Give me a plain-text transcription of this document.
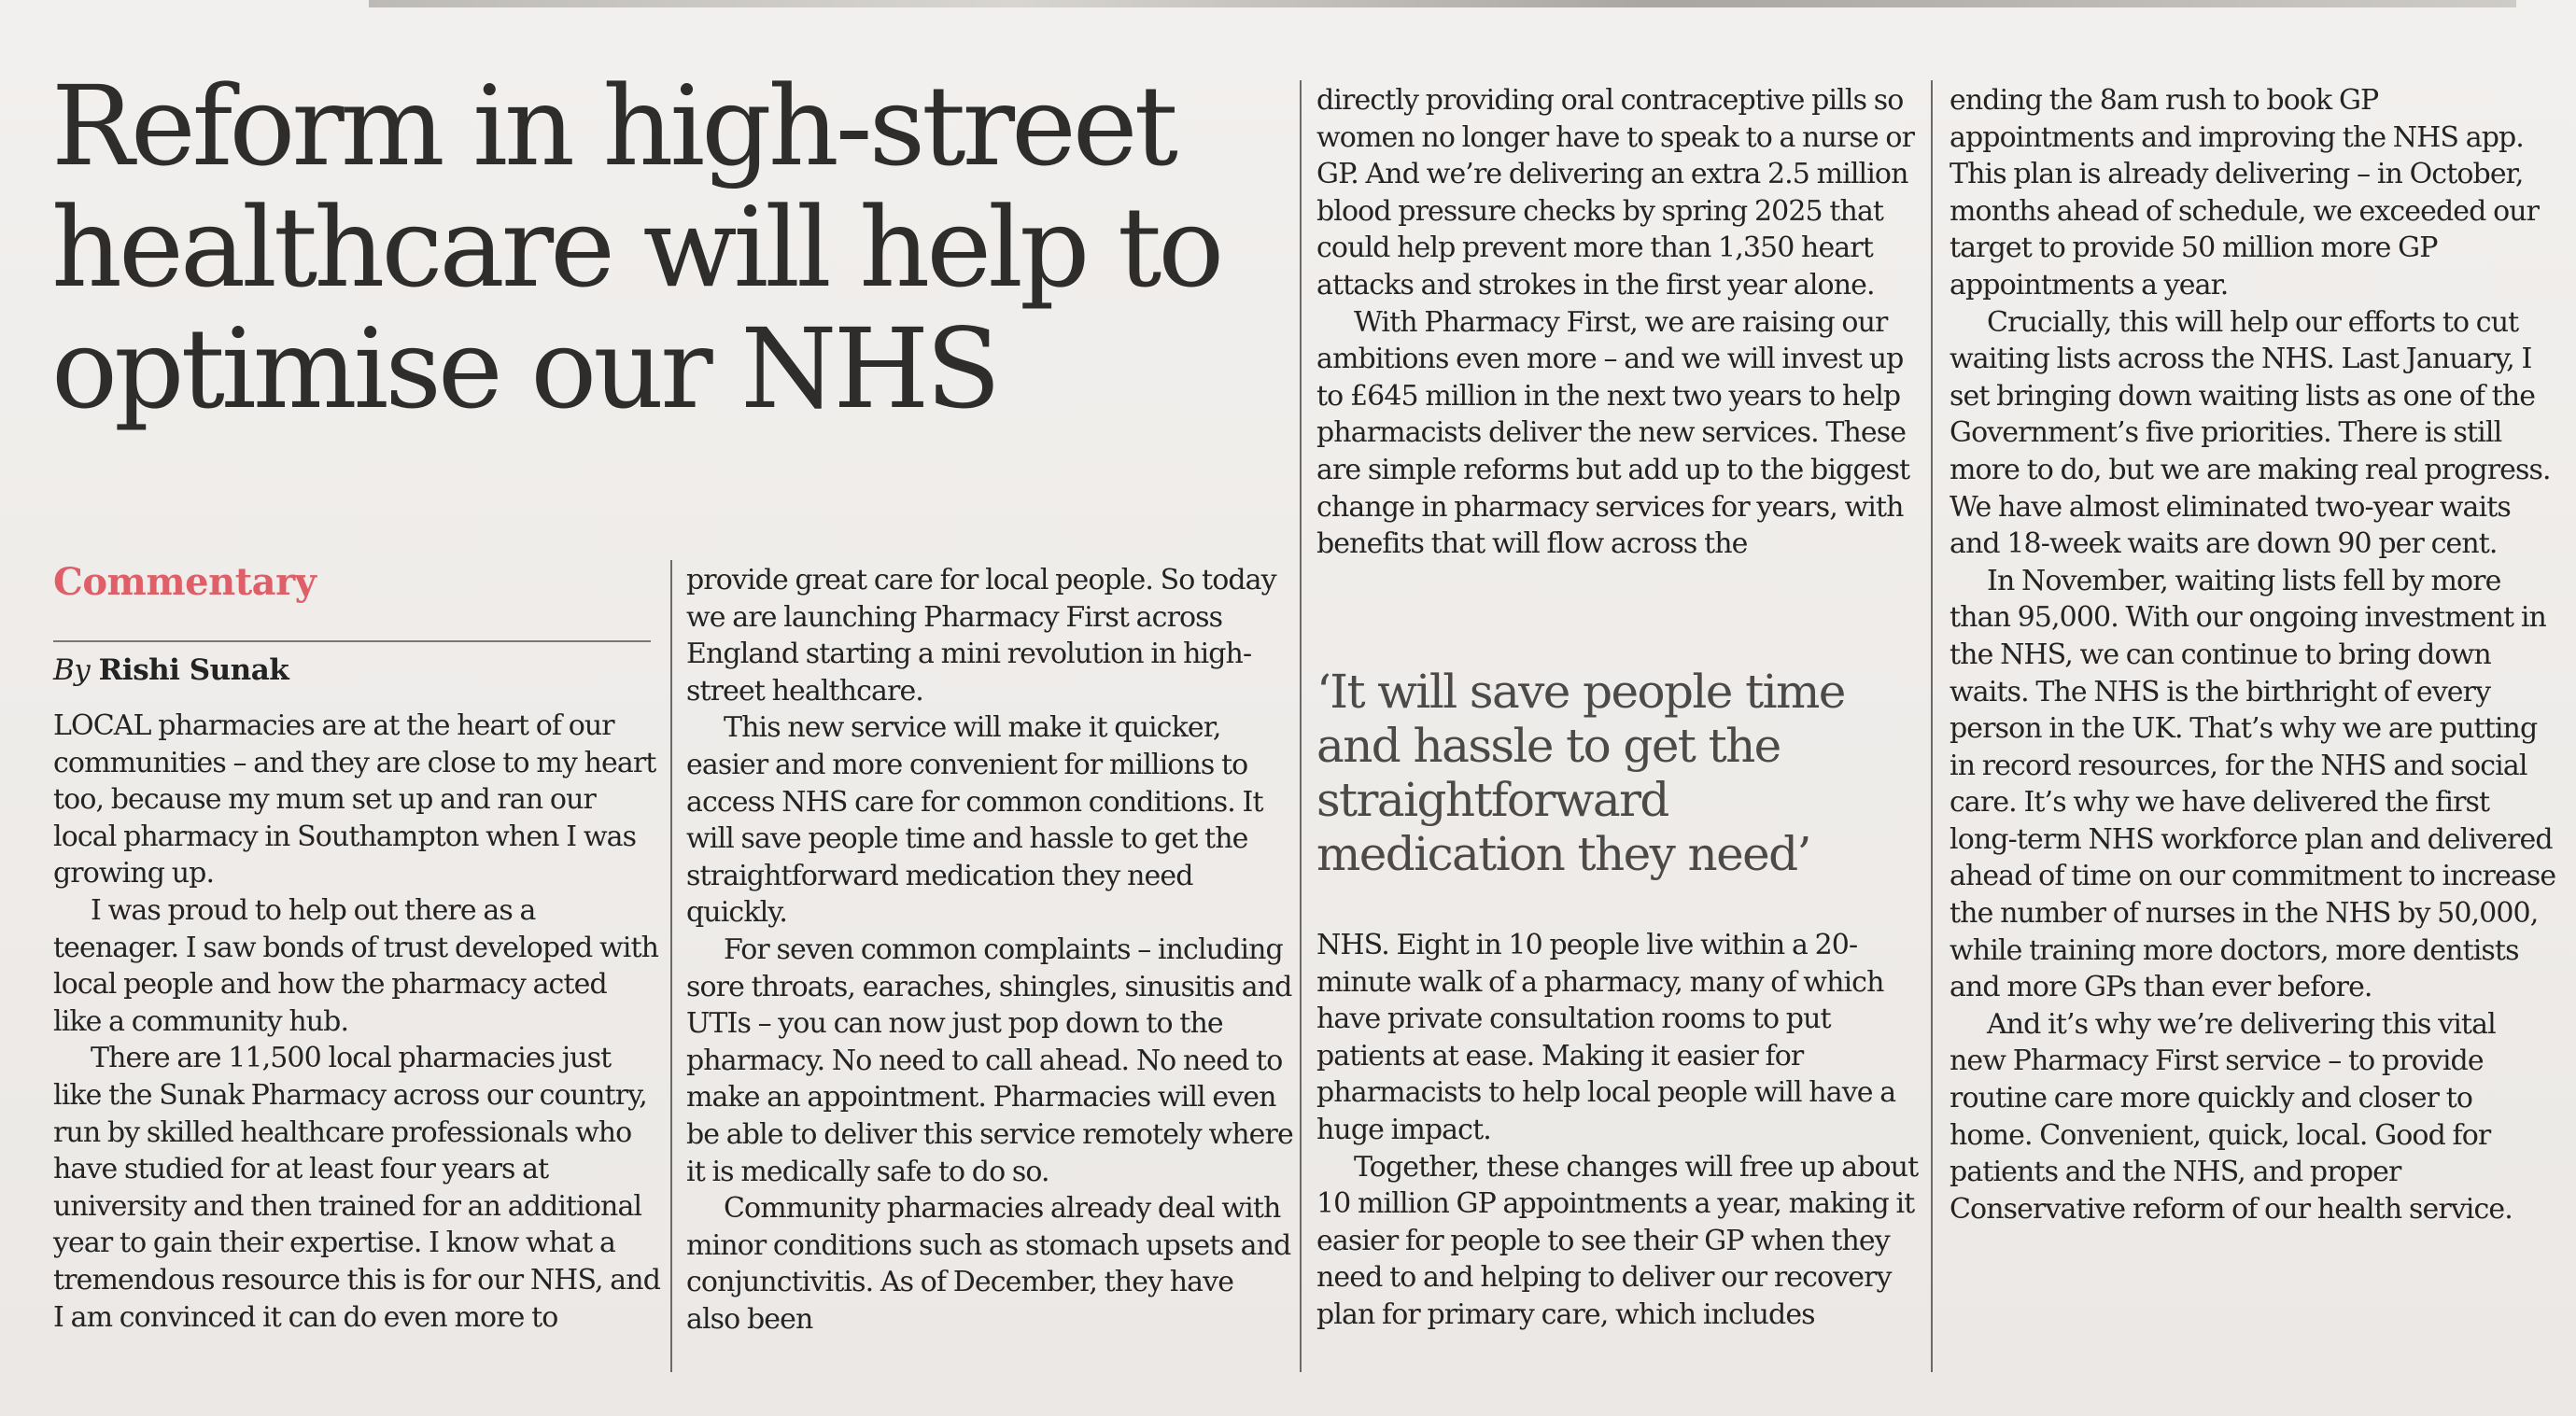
Reform in high-street healthcare will help to optimise our NHS
Commentary
By Rishi Sunak

LOCAL pharmacies are at the heart of our communities – and they are close to my heart too, because my mum set up and ran our local pharmacy in Southampton when I was growing up.

I was proud to help out there as a teenager. I saw bonds of trust developed with local people and how the pharmacy acted like a community hub.

There are 11,500 local pharmacies just like the Sunak Pharmacy across our country, run by skilled healthcare professionals who have studied for at least four years at university and then trained for an additional year to gain their expertise. I know what a tremendous resource this is for our NHS, and I am convinced it can do even more to

provide great care for local people. So today we are launching Pharmacy First across England starting a mini revolution in high-street healthcare.

This new service will make it quicker, easier and more convenient for millions to access NHS care for common conditions. It will save people time and hassle to get the straightforward medication they need quickly.

For seven common complaints – including sore throats, earaches, shingles, sinusitis and UTIs – you can now just pop down to the pharmacy. No need to call ahead. No need to make an appointment. Pharmacies will even be able to deliver this service remotely where it is medically safe to do so.

Community pharmacies already deal with minor conditions such as stomach upsets and conjunctivitis. As of December, they have also been

directly providing oral contraceptive pills so women no longer have to speak to a nurse or GP. And we’re delivering an extra 2.5 million blood pressure checks by spring 2025 that could help prevent more than 1,350 heart attacks and strokes in the first year alone.

With Pharmacy First, we are raising our ambitions even more – and we will invest up to £645 million in the next two years to help pharmacists deliver the new services. These are simple reforms but add up to the biggest change in pharmacy services for years, with benefits that will flow across the

‘It will save people time and hassle to get the straightforward medication they need’

NHS. Eight in 10 people live within a 20-minute walk of a pharmacy, many of which have private consultation rooms to put patients at ease. Making it easier for pharmacists to help local people will have a huge impact.

Together, these changes will free up about 10 million GP appointments a year, making it easier for people to see their GP when they need to and helping to deliver our recovery plan for primary care, which includes

ending the 8am rush to book GP appointments and improving the NHS app. This plan is already delivering – in October, months ahead of schedule, we exceeded our target to provide 50 million more GP appointments a year.

Crucially, this will help our efforts to cut waiting lists across the NHS. Last January, I set bringing down waiting lists as one of the Government’s five priorities. There is still more to do, but we are making real progress. We have almost eliminated two-year waits and 18-week waits are down 90 per cent.

In November, waiting lists fell by more than 95,000. With our ongoing investment in the NHS, we can continue to bring down waits. The NHS is the birthright of every person in the UK. That’s why we are putting in record resources, for the NHS and social care. It’s why we have delivered the first long-term NHS workforce plan and delivered ahead of time on our commitment to increase the number of nurses in the NHS by 50,000, while training more doctors, more dentists and more GPs than ever before.

And it’s why we’re delivering this vital new Pharmacy First service – to provide routine care more quickly and closer to home. Convenient, quick, local. Good for patients and the NHS, and proper Conservative reform of our health service.
